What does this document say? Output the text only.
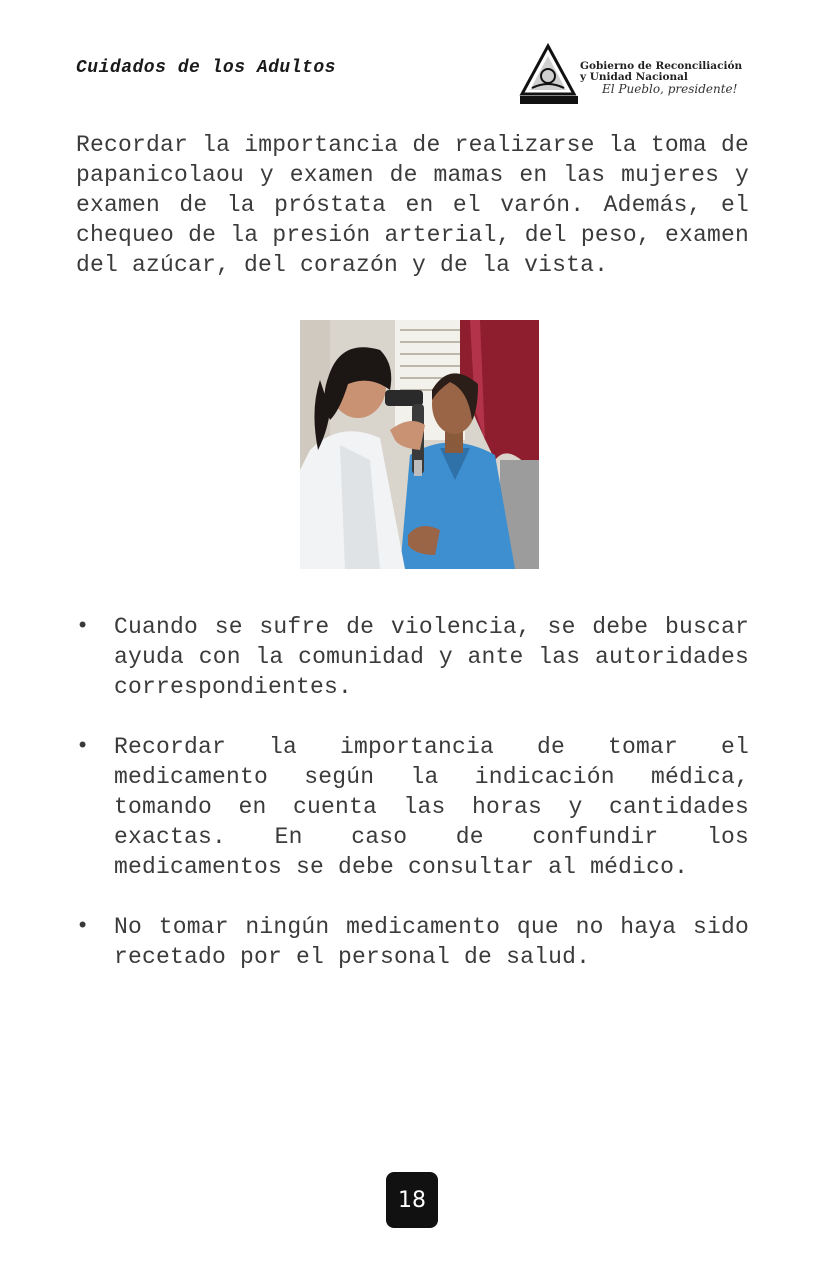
Cuidados de los Adultos	Gobierno de Reconciliación
y Unidad Nacional
El Pueblo, presidente!

Recordar la importancia de realizarse la toma de papanicolaou y examen de mamas en las mujeres y examen de la próstata en el varón. Además, el chequeo de la presión arterial, del peso, examen del azúcar, del corazón y de la vista.

• Cuando se sufre de violencia, se debe buscar ayuda con la comunidad y ante las autoridades correspondientes.
• Recordar la importancia de tomar el medicamento según la indicación médica, tomando en cuenta las horas y cantidades exactas. En caso de confundir los medicamentos se debe consultar al médico.
• No tomar ningún medicamento que no haya sido recetado por el personal de salud.
18
